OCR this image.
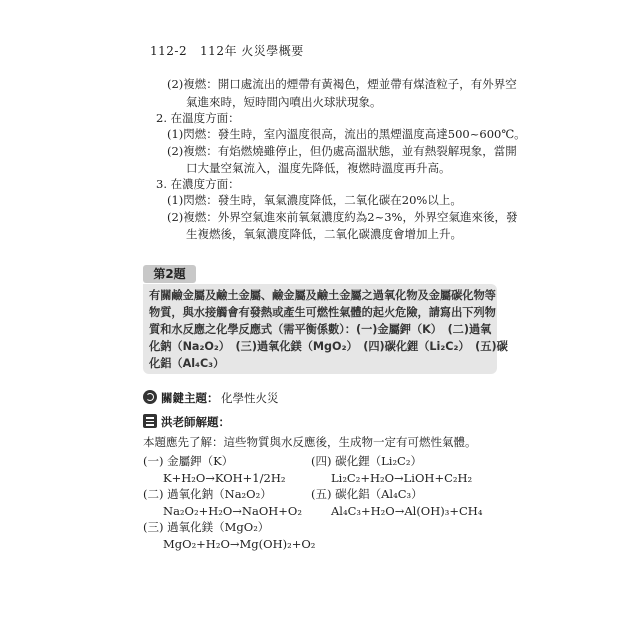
112-2 112年 火災學概要
(2)複燃：開口處流出的煙帶有黃褐色，煙並帶有煤渣粒子，有外界空
氣進來時，短時間內噴出火球狀現象。
2. 在溫度方面：
(1)閃燃：發生時，室內溫度很高，流出的黑煙溫度高達500~600℃。
(2)複燃：有焰燃燒雖停止，但仍處高溫狀態，並有熱裂解現象，當開
口大量空氣流入，溫度先降低，複燃時溫度再升高。
3. 在濃度方面：
(1)閃燃：發生時，氧氣濃度降低，二氧化碳在20%以上。
(2)複燃：外界空氣進來前氧氣濃度約為2~3%，外界空氣進來後，發
生複燃後，氧氣濃度降低，二氧化碳濃度會增加上升。
第2題
有關鹼金屬及鹼土金屬、鹼金屬及鹼土金屬之過氧化物及金屬碳化物等
物質，與水接觸會有發熱或產生可燃性氣體的起火危險，請寫出下列物
質和水反應之化學反應式（需平衡係數）：(一)金屬鉀（K）　(二)過氧
化鈉（Na₂O₂）　(三)過氧化鎂（MgO₂）　(四)碳化鋰（Li₂C₂）　(五)碳
化鋁（Al₄C₃）
關鍵主題： 化學性火災
洪老師解題：
本題應先了解：這些物質與水反應後，生成物一定有可燃性氣體。
(一) 金屬鉀（K）
K+H₂O→KOH+1/2H₂
(二) 過氧化鈉（Na₂O₂）
Na₂O₂+H₂O→NaOH+O₂
(三) 過氧化鎂（MgO₂）
MgO₂+H₂O→Mg(OH)₂+O₂
(四) 碳化鋰（Li₂C₂）
Li₂C₂+H₂O→LiOH+C₂H₂
(五) 碳化鋁（Al₄C₃）
Al₄C₃+H₂O→Al(OH)₃+CH₄
